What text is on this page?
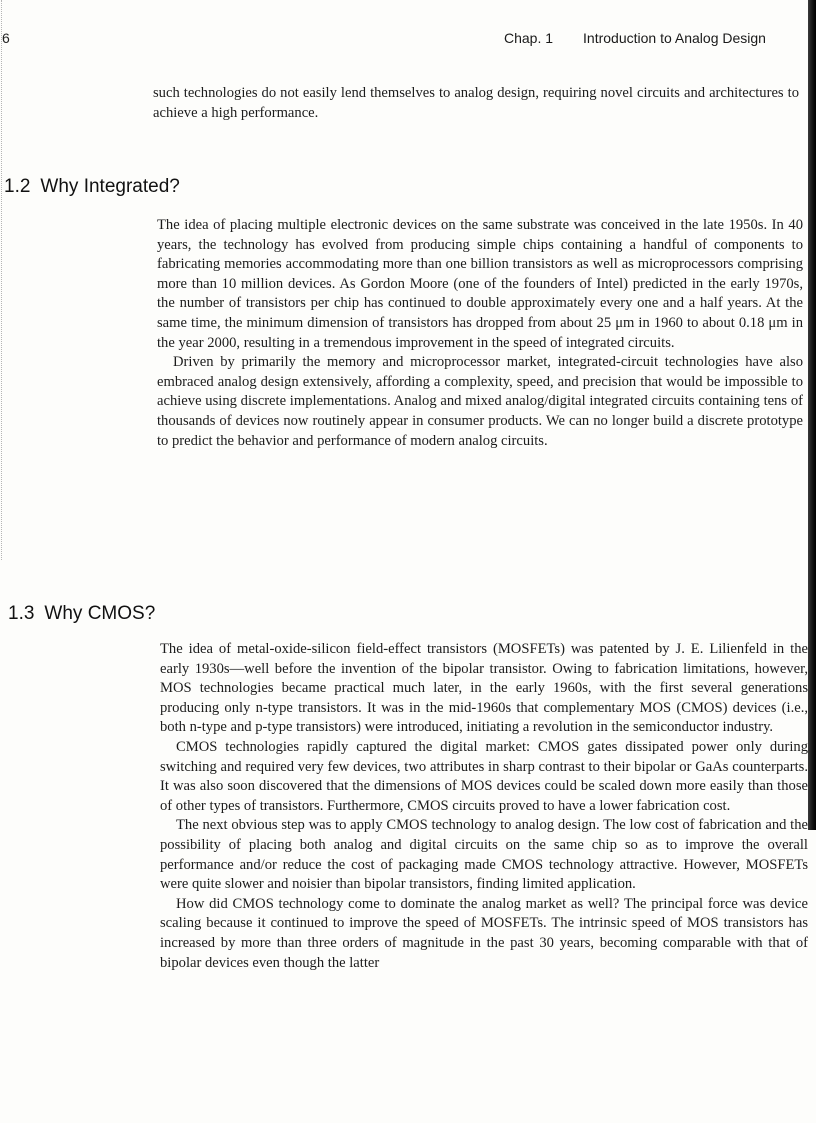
6	Chap. 1 Introduction to Analog Design

such technologies do not easily lend themselves to analog design, requiring novel circuits and architectures to achieve a high performance.

1.2 Why Integrated?

The idea of placing multiple electronic devices on the same substrate was conceived in the late 1950s. In 40 years, the technology has evolved from producing simple chips containing a handful of components to fabricating memories accommodating more than one billion transistors as well as microprocessors comprising more than 10 million devices. As Gordon Moore (one of the founders of Intel) predicted in the early 1970s, the number of transistors per chip has continued to double approximately every one and a half years. At the same time, the minimum dimension of transistors has dropped from about 25 μm in 1960 to about 0.18 μm in the year 2000, resulting in a tremendous improvement in the speed of integrated circuits.

Driven by primarily the memory and microprocessor market, integrated-circuit technologies have also embraced analog design extensively, affording a complexity, speed, and precision that would be impossible to achieve using discrete implementations. Analog and mixed analog/digital integrated circuits containing tens of thousands of devices now routinely appear in consumer products. We can no longer build a discrete prototype to predict the behavior and performance of modern analog circuits.

1.3 Why CMOS?

The idea of metal-oxide-silicon field-effect transistors (MOSFETs) was patented by J. E. Lilienfeld in the early 1930s—well before the invention of the bipolar transistor. Owing to fabrication limitations, however, MOS technologies became practical much later, in the early 1960s, with the first several generations producing only n-type transistors. It was in the mid-1960s that complementary MOS (CMOS) devices (i.e., both n-type and p-type transistors) were introduced, initiating a revolution in the semiconductor industry.

CMOS technologies rapidly captured the digital market: CMOS gates dissipated power only during switching and required very few devices, two attributes in sharp contrast to their bipolar or GaAs counterparts. It was also soon discovered that the dimensions of MOS devices could be scaled down more easily than those of other types of transistors. Furthermore, CMOS circuits proved to have a lower fabrication cost.

The next obvious step was to apply CMOS technology to analog design. The low cost of fabrication and the possibility of placing both analog and digital circuits on the same chip so as to improve the overall performance and/or reduce the cost of packaging made CMOS technology attractive. However, MOSFETs were quite slower and noisier than bipolar transistors, finding limited application.

How did CMOS technology come to dominate the analog market as well? The principal force was device scaling because it continued to improve the speed of MOSFETs. The intrinsic speed of MOS transistors has increased by more than three orders of magnitude in the past 30 years, becoming comparable with that of bipolar devices even though the latter
